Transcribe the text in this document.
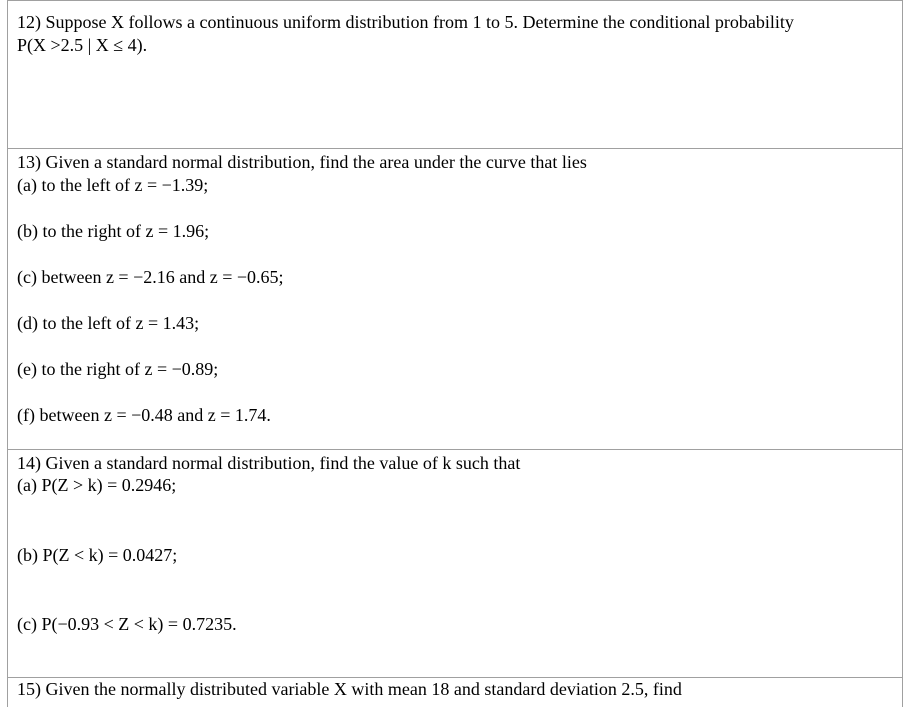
12) Suppose X follows a continuous uniform distribution from 1 to 5. Determine the conditional probability
P(X >2.5 | X ≤ 4).
13) Given a standard normal distribution, find the area under the curve that lies
(a) to the left of z = −1.39;
(b) to the right of z = 1.96;
(c) between z = −2.16 and z = −0.65;
(d) to the left of z = 1.43;
(e) to the right of z = −0.89;
(f) between z = −0.48 and z = 1.74.
14) Given a standard normal distribution, find the value of k such that
(a) P(Z > k) = 0.2946;
(b) P(Z < k) = 0.0427;
(c) P(−0.93 < Z < k) = 0.7235.
15) Given the normally distributed variable X with mean 18 and standard deviation 2.5, find
